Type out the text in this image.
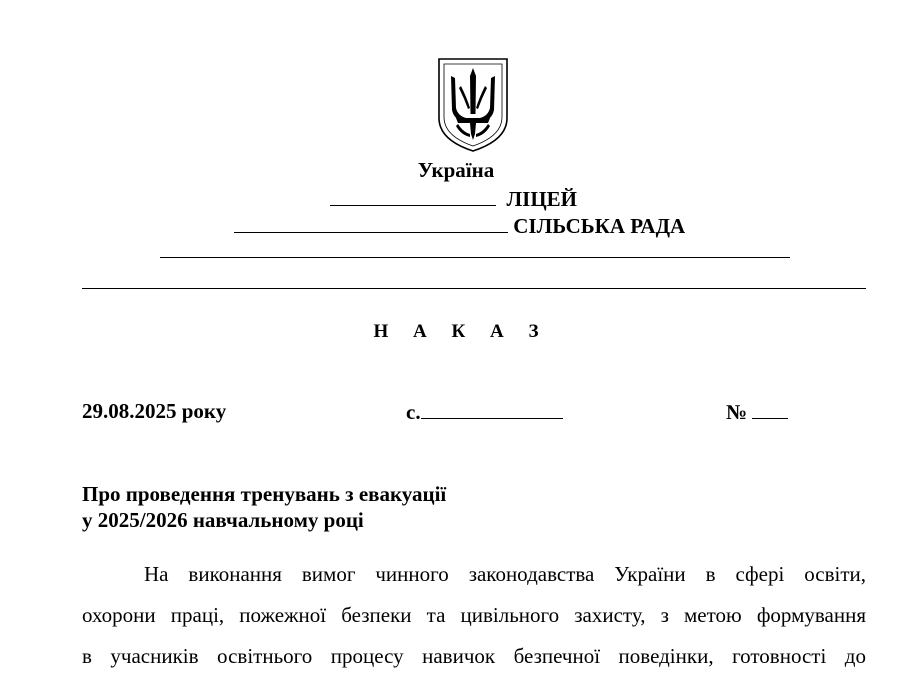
Україна
ЛІЦЕЙ
СІЛЬСЬКА РАДА
Н А К А З
29.08.2025 року	с.	№
Про проведення тренувань з евакуації
у 2025/2026 навчальному році
На виконання вимог чинного законодавства України в сфері освіти,
охорони праці, пожежної безпеки та цивільного захисту, з метою формування
в учасників освітнього процесу навичок безпечної поведінки, готовності до
